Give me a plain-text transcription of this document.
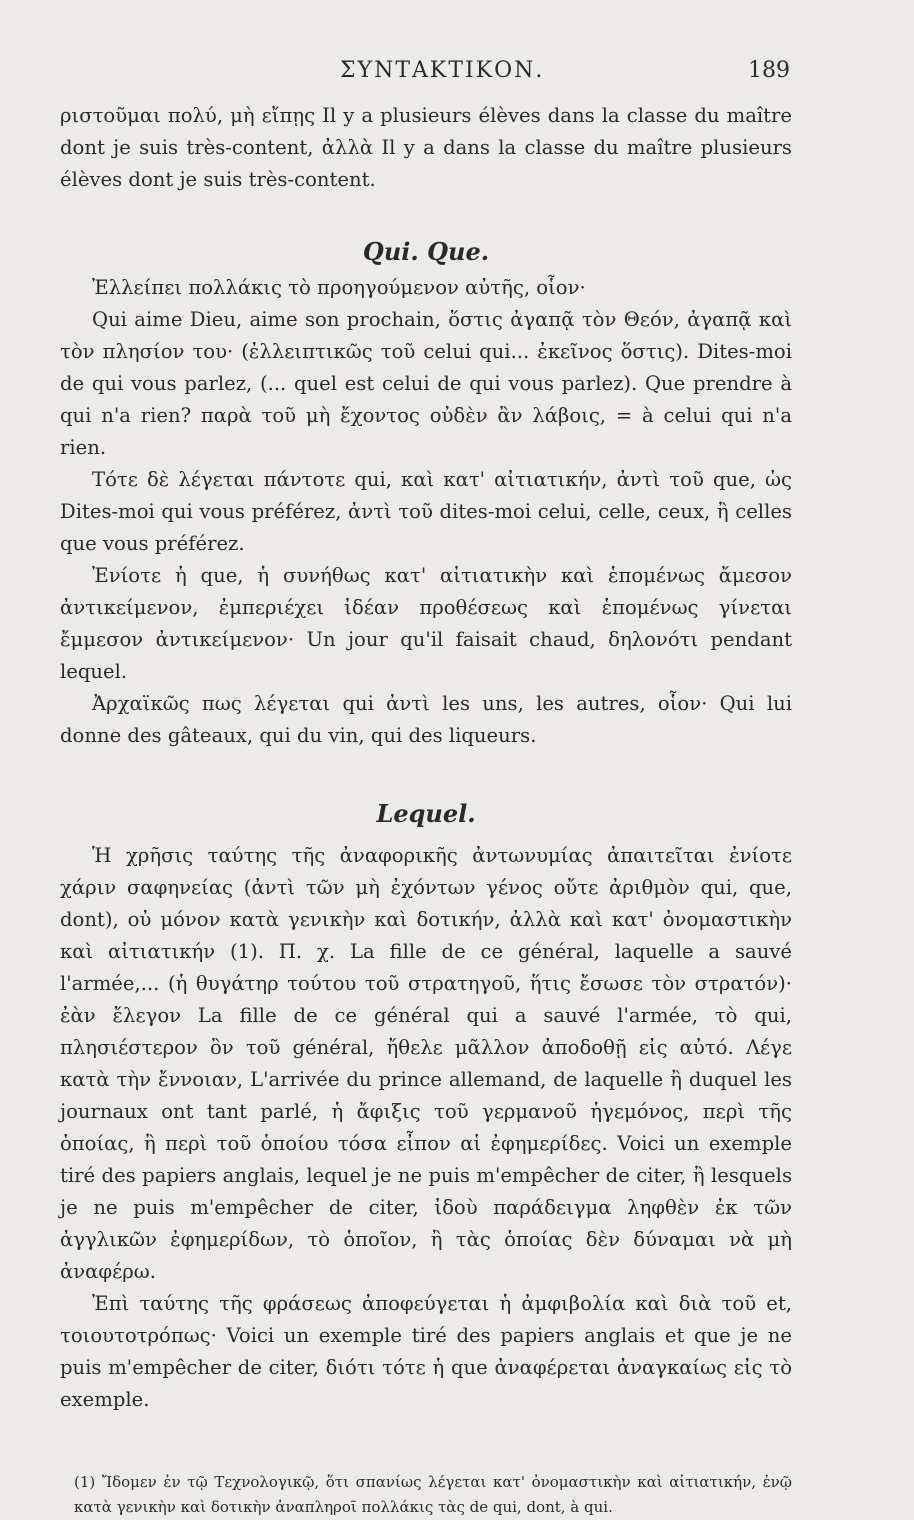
ΣΥΝΤΑΚΤΙΚΟΝ.	189

ριστοῦμαι πολύ, μὴ εἴπῃς Il y a plusieurs élèves dans la classe du maître dont je suis très-content, ἀλλὰ Il y a dans la classe du maître plusieurs élèves dont je suis très-content.

Qui. Que.

Ἐλλείπει πολλάκις τὸ προηγούμενον αὐτῆς, οἷον·

Qui aime Dieu, aime son prochain, ὅστις ἀγαπᾷ τὸν Θεόν, ἀγαπᾷ καὶ τὸν πλησίον του· (ἐλλειπτικῶς τοῦ celui qui... ἐκεῖνος ὅστις). Dites-moi de qui vous parlez, (... quel est celui de qui vous parlez). Que prendre à qui n'a rien? παρὰ τοῦ μὴ ἔχοντος οὐδὲν ἂν λάβοις, = à celui qui n'a rien.

Τότε δὲ λέγεται πάντοτε qui, καὶ κατ' αἰτιατικήν, ἀντὶ τοῦ que, ὡς Dites-moi qui vous préférez, ἀντὶ τοῦ dites-moi celui, celle, ceux, ἢ celles que vous préférez.

Ἐνίοτε ἡ que, ἡ συνήθως κατ' αἰτιατικὴν καὶ ἑπομένως ἄμεσον ἀντικείμενον, ἐμπεριέχει ἰδέαν προθέσεως καὶ ἑπομένως γίνεται ἔμμεσον ἀντικείμενον· Un jour qu'il faisait chaud, δηλονότι pendant lequel.

Ἀρχαϊκῶς πως λέγεται qui ἀντὶ les uns, les autres, οἷον· Qui lui donne des gâteaux, qui du vin, qui des liqueurs.

Lequel.

Ἡ χρῆσις ταύτης τῆς ἀναφορικῆς ἀντωνυμίας ἀπαιτεῖται ἐνίοτε χάριν σαφηνείας (ἀντὶ τῶν μὴ ἐχόντων γένος οὔτε ἀριθμὸν qui, que, dont), οὐ μόνον κατὰ γενικὴν καὶ δοτικήν, ἀλλὰ καὶ κατ' ὀνομαστικὴν καὶ αἰτιατικήν (1). Π. χ. La fille de ce général, laquelle a sauvé l'armée,... (ἡ θυγάτηρ τούτου τοῦ στρατηγοῦ, ἥτις ἔσωσε τὸν στρατόν)· ἐὰν ἔλεγον La fille de ce général qui a sauvé l'armée, τὸ qui, πλησιέστερον ὂν τοῦ général, ἤθελε μᾶλλον ἀποδοθῇ εἰς αὐτό. Λέγε κατὰ τὴν ἔννοιαν, L'arrivée du prince allemand, de laquelle ἢ duquel les journaux ont tant parlé, ἡ ἄφιξις τοῦ γερμανοῦ ἡγεμόνος, περὶ τῆς ὁποίας, ἢ περὶ τοῦ ὁποίου τόσα εἶπον αἱ ἐφημερίδες. Voici un exemple tiré des papiers anglais, lequel je ne puis m'empêcher de citer, ἢ lesquels je ne puis m'empêcher de citer, ἰδοὺ παράδειγμα ληφθὲν ἐκ τῶν ἀγγλικῶν ἐφημερίδων, τὸ ὁποῖον, ἢ τὰς ὁποίας δὲν δύναμαι νὰ μὴ ἀναφέρω.

Ἐπὶ ταύτης τῆς φράσεως ἀποφεύγεται ἡ ἀμφιβολία καὶ διὰ τοῦ et, τοιουτοτρόπως· Voici un exemple tiré des papiers anglais et que je ne puis m'empêcher de citer, διότι τότε ἡ que ἀναφέρεται ἀναγκαίως εἰς τὸ exemple.

(1) Ἴδομεν ἐν τῷ Τεχνολογικῷ, ὅτι σπανίως λέγεται κατ' ὀνομαστικὴν καὶ αἰτιατικήν, ἐνῷ κατὰ γενικὴν καὶ δοτικὴν ἀναπληροῖ πολλάκις τὰς de qui, dont, à qui.
